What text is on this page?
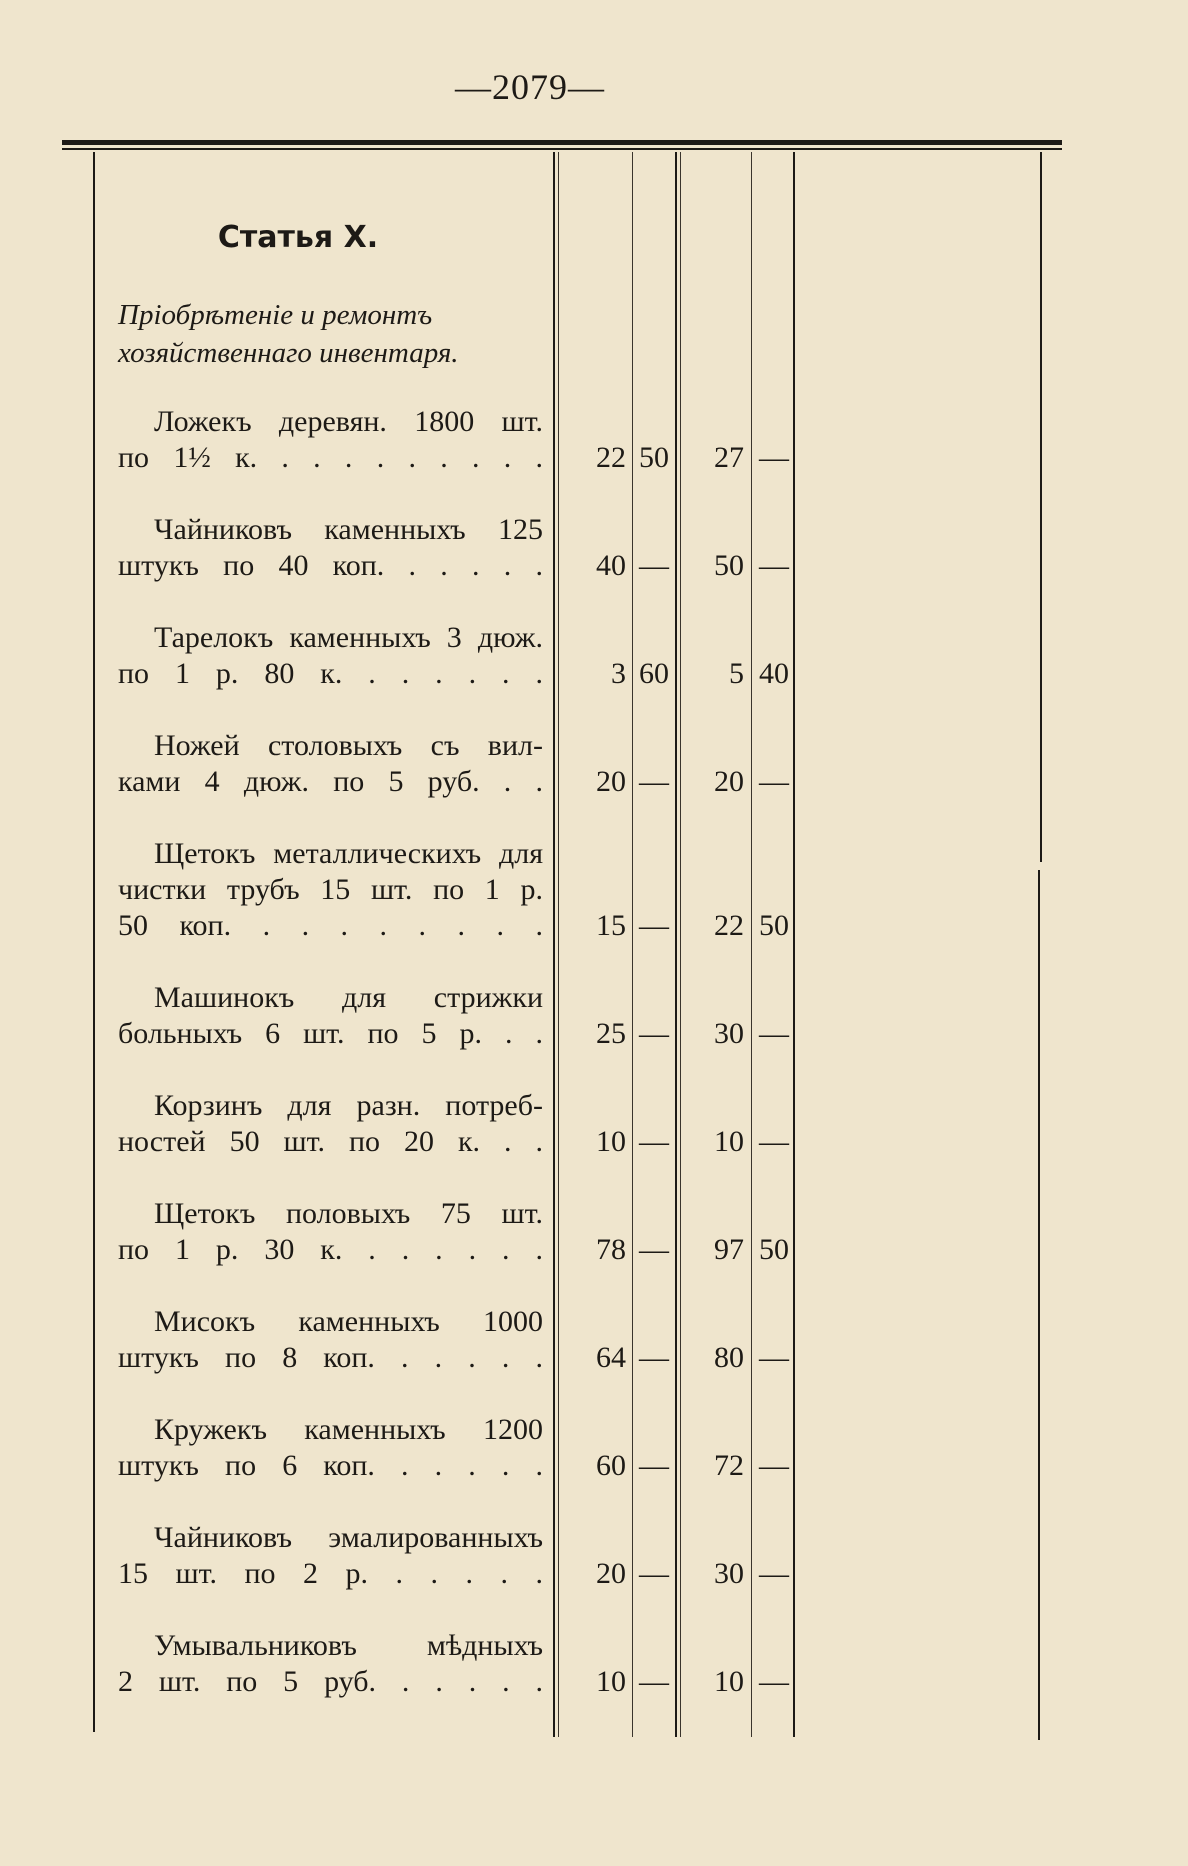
—2079—
Статья X.
Пріобрѣтеніе и ремонтъ хозяйственнаго инвентаря.
Ложекъ деревян. 1800 шт.
по 1½ к. . . . . . . . . .	22 50	27 —
Чайниковъ каменныхъ 125
штукъ по 40 коп. . . . . .	40 —	50 —
Тарелокъ каменныхъ 3 дюж.
по 1 р. 80 к. . . . . . .	3 60	5 40
Ножей столовыхъ съ вил-
ками 4 дюж. по 5 руб. . .	20 —	20 —
Щетокъ металлическихъ для
чистки трубъ 15 шт. по 1 р.
50 коп. . . . . . . . .	15 —	22 50
Машинокъ для стрижки
больныхъ 6 шт. по 5 р. . .	25 —	30 —
Корзинъ для разн. потреб-
ностей 50 шт. по 20 к. . .	10 —	10 —
Щетокъ половыхъ 75 шт.
по 1 р. 30 к. . . . . . .	78 —	97 50
Мисокъ каменныхъ 1000
штукъ по 8 коп. . . . . .	64 —	80 —
Кружекъ каменныхъ 1200
штукъ по 6 коп. . . . . .	60 —	72 —
Чайниковъ эмалированныхъ
15 шт. по 2 р. . . . . .	20 —	30 —
Умывальниковъ мѣдныхъ
2 шт. по 5 руб. . . . . .	10 —	10 —
